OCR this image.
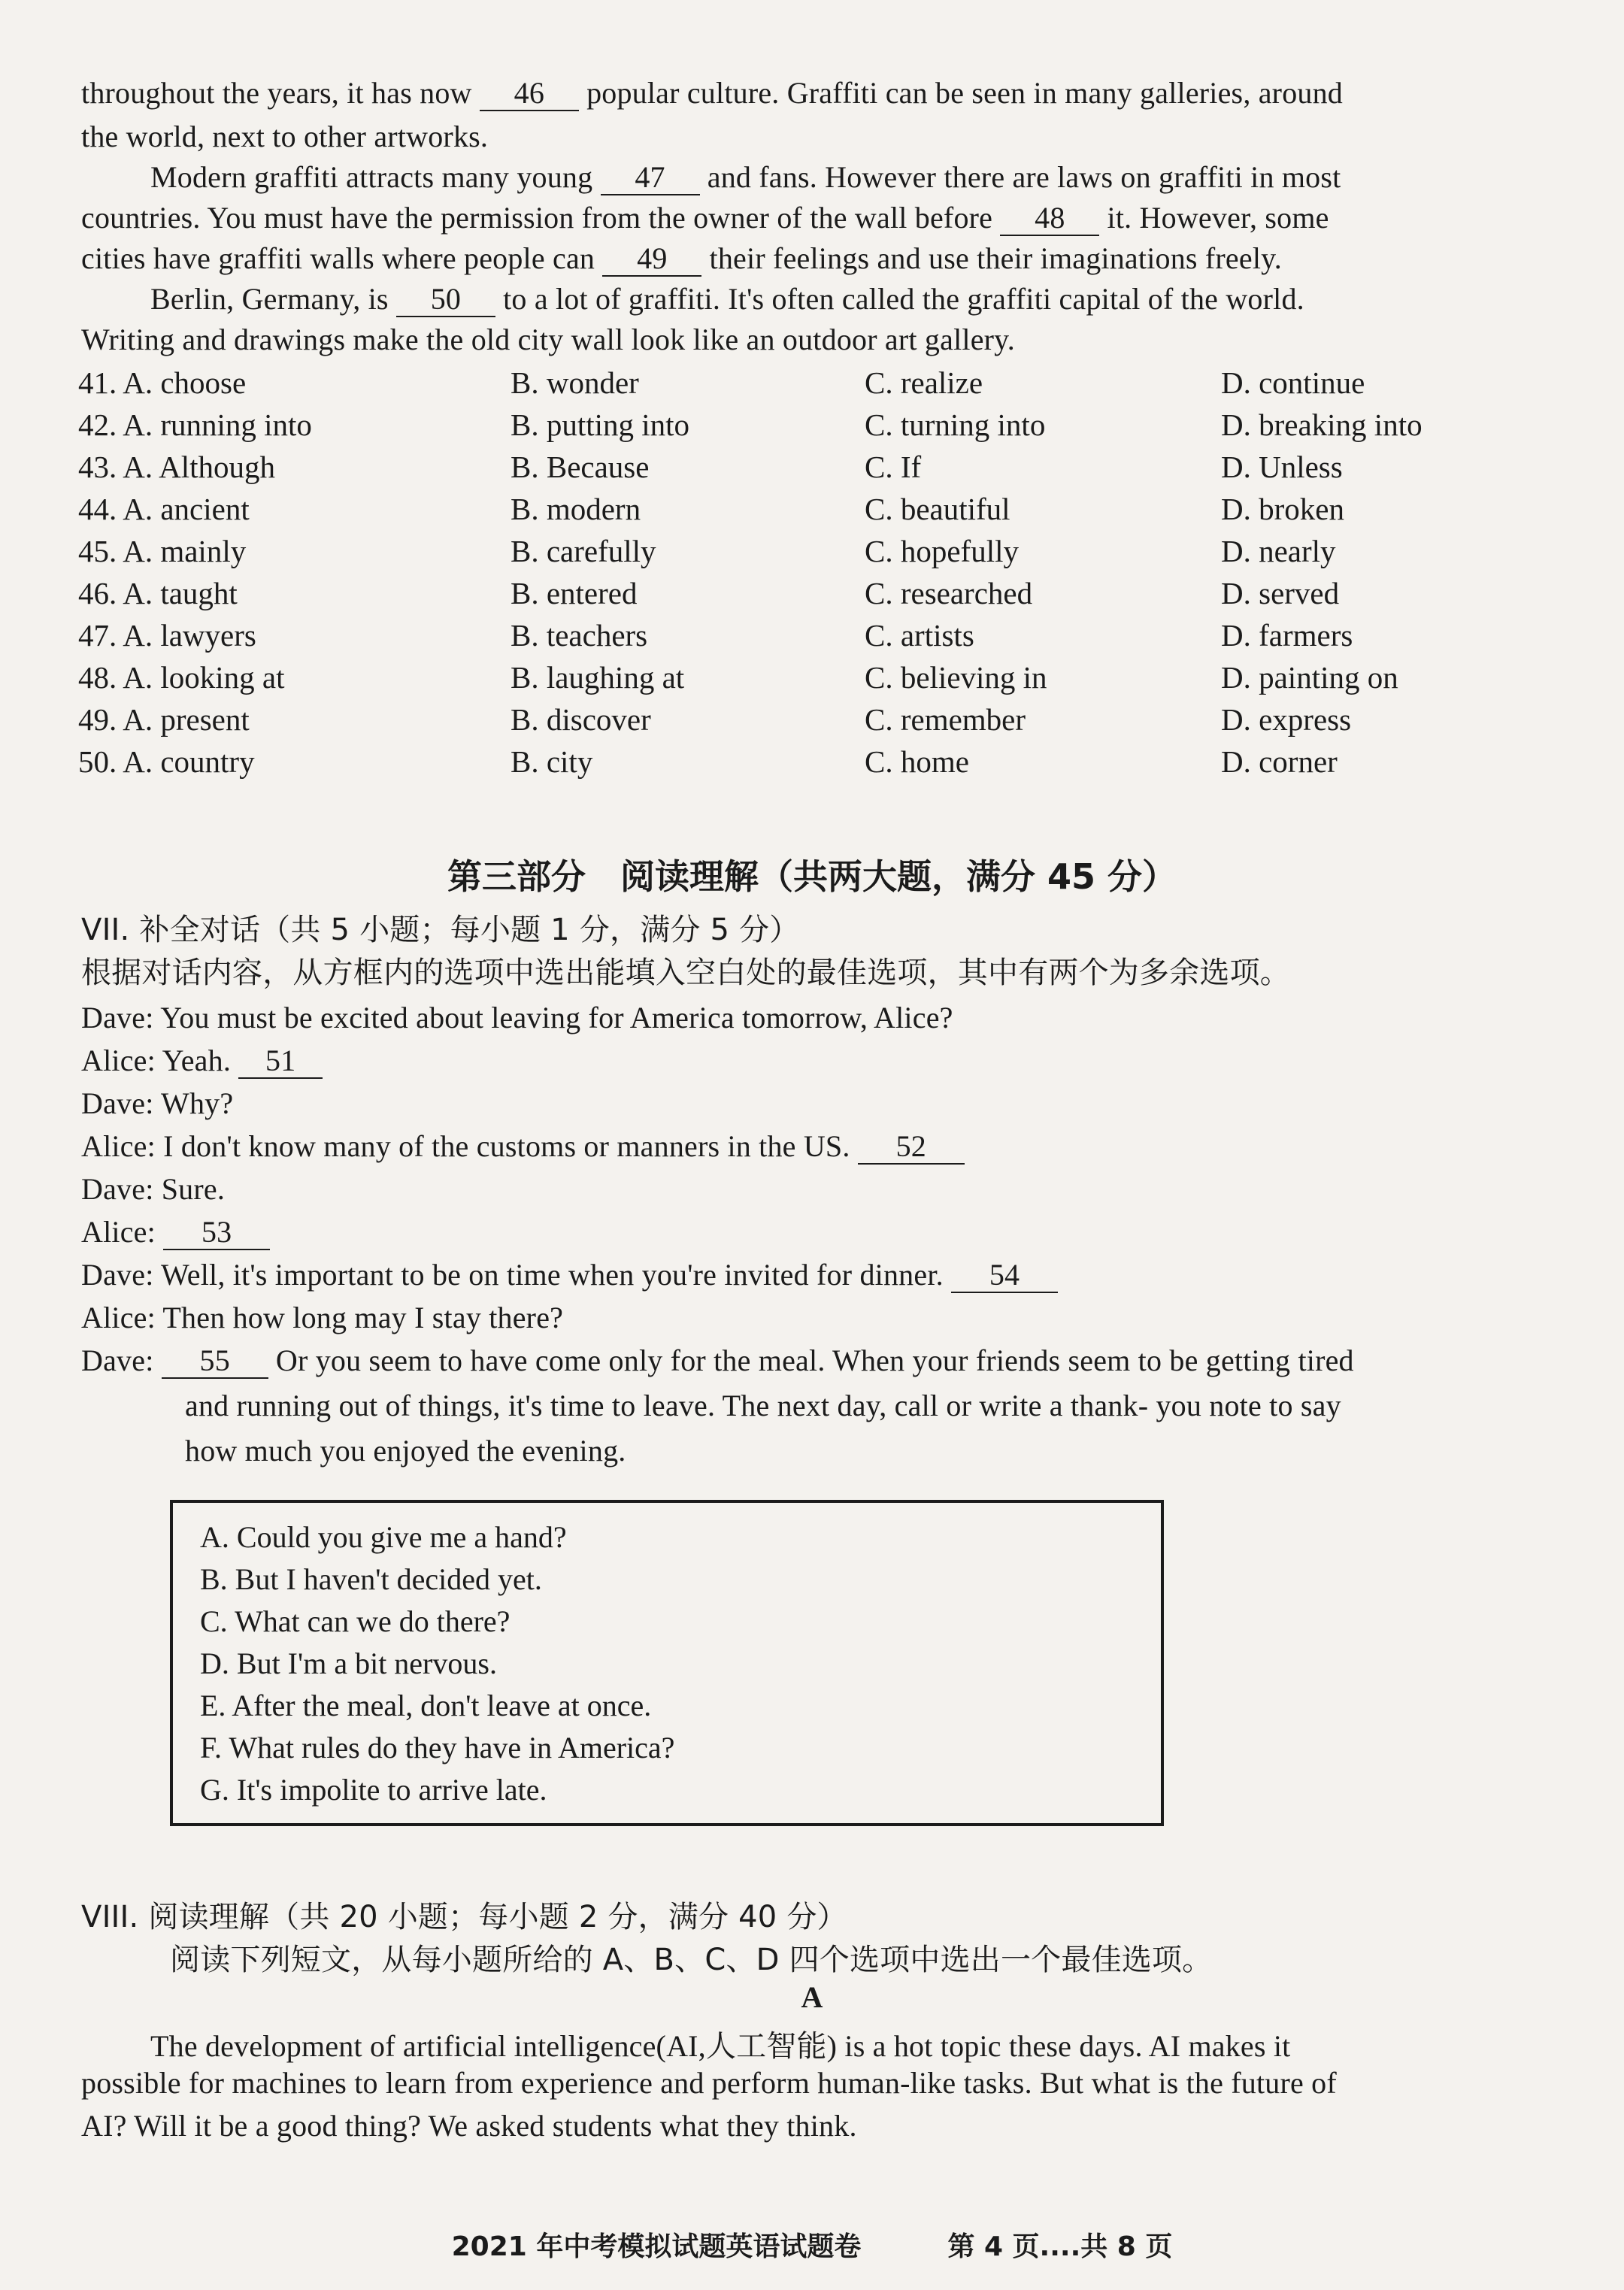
throughout the years, it has now 46 popular culture. Graffiti can be seen in many galleries, around
the world, next to other artworks.
Modern graffiti attracts many young 47 and fans. However there are laws on graffiti in most
countries. You must have the permission from the owner of the wall before 48 it. However, some
cities have graffiti walls where people can 49 their feelings and use their imaginations freely.
Berlin, Germany, is 50 to a lot of graffiti. It's often called the graffiti capital of the world.
Writing and drawings make the old city wall look like an outdoor art gallery.
41. A. choose	B. wonder	C. realize	D. continue
42. A. running into	B. putting into	C. turning into	D. breaking into
43. A. Although	B. Because	C. If	D. Unless
44. A. ancient	B. modern	C. beautiful	D. broken
45. A. mainly	B. carefully	C. hopefully	D. nearly
46. A. taught	B. entered	C. researched	D. served
47. A. lawyers	B. teachers	C. artists	D. farmers
48. A. looking at	B. laughing at	C. believing in	D. painting on
49. A. present	B. discover	C. remember	D. express
50. A. country	B. city	C. home	D. corner
第三部分　阅读理解（共两大题，满分 45 分）
VII. 补全对话（共 5 小题；每小题 1 分，满分 5 分）
根据对话内容，从方框内的选项中选出能填入空白处的最佳选项，其中有两个为多余选项。
Dave: You must be excited about leaving for America tomorrow, Alice?
Alice: Yeah. 51
Dave: Why?
Alice: I don't know many of the customs or manners in the US. 52
Dave: Sure.
Alice: 53
Dave: Well, it's important to be on time when you're invited for dinner. 54
Alice: Then how long may I stay there?
Dave: 55 Or you seem to have come only for the meal. When your friends seem to be getting tired
and running out of things, it's time to leave. The next day, call or write a thank- you note to say
how much you enjoyed the evening.
A. Could you give me a hand?
B. But I haven't decided yet.
C. What can we do there?
D. But I'm a bit nervous.
E. After the meal, don't leave at once.
F. What rules do they have in America?
G. It's impolite to arrive late.
VIII. 阅读理解（共 20 小题；每小题 2 分，满分 40 分）
阅读下列短文，从每小题所给的 A、B、C、D 四个选项中选出一个最佳选项。
A
The development of artificial intelligence(AI,人工智能) is a hot topic these days. AI makes it
possible for machines to learn from experience and perform human-like tasks. But what is the future of
AI? Will it be a good thing? We asked students what they think.
2021 年中考模拟试题英语试题卷	第 4 页....共 8 页
